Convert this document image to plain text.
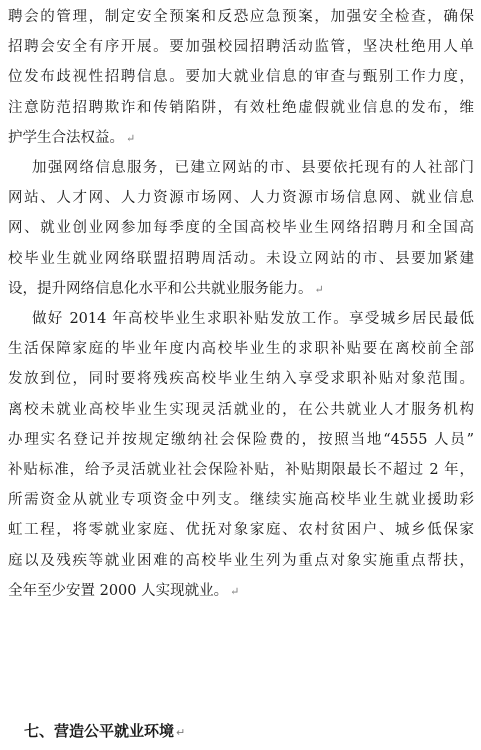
聘会的管理，制定安全预案和反恐应急预案，加强安全检查，确保
招聘会安全有序开展。要加强校园招聘活动监管，坚决杜绝用人单
位发布歧视性招聘信息。要加大就业信息的审查与甄别工作力度，
注意防范招聘欺诈和传销陷阱，有效杜绝虚假就业信息的发布，维
护学生合法权益。 ↵
加强网络信息服务，已建立网站的市、县要依托现有的人社部门
网站、人才网、人力资源市场网、人力资源市场信息网、就业信息
网、就业创业网参加每季度的全国高校毕业生网络招聘月和全国高
校毕业生就业网络联盟招聘周活动。未设立网站的市、县要加紧建
设，提升网络信息化水平和公共就业服务能力。 ↵
做好 2014 年高校毕业生求职补贴发放工作。享受城乡居民最低
生活保障家庭的毕业年度内高校毕业生的求职补贴要在离校前全部
发放到位，同时要将残疾高校毕业生纳入享受求职补贴对象范围。
离校未就业高校毕业生实现灵活就业的，在公共就业人才服务机构
办理实名登记并按规定缴纳社会保险费的，按照当地“4555 人员”
补贴标准，给予灵活就业社会保险补贴，补贴期限最长不超过 2 年，
所需资金从就业专项资金中列支。继续实施高校毕业生就业援助彩
虹工程，将零就业家庭、优抚对象家庭、农村贫困户、城乡低保家
庭以及残疾等就业困难的高校毕业生列为重点对象实施重点帮扶，
全年至少安置 2000 人实现就业。 ↵
七、营造公平就业环境 ↵
